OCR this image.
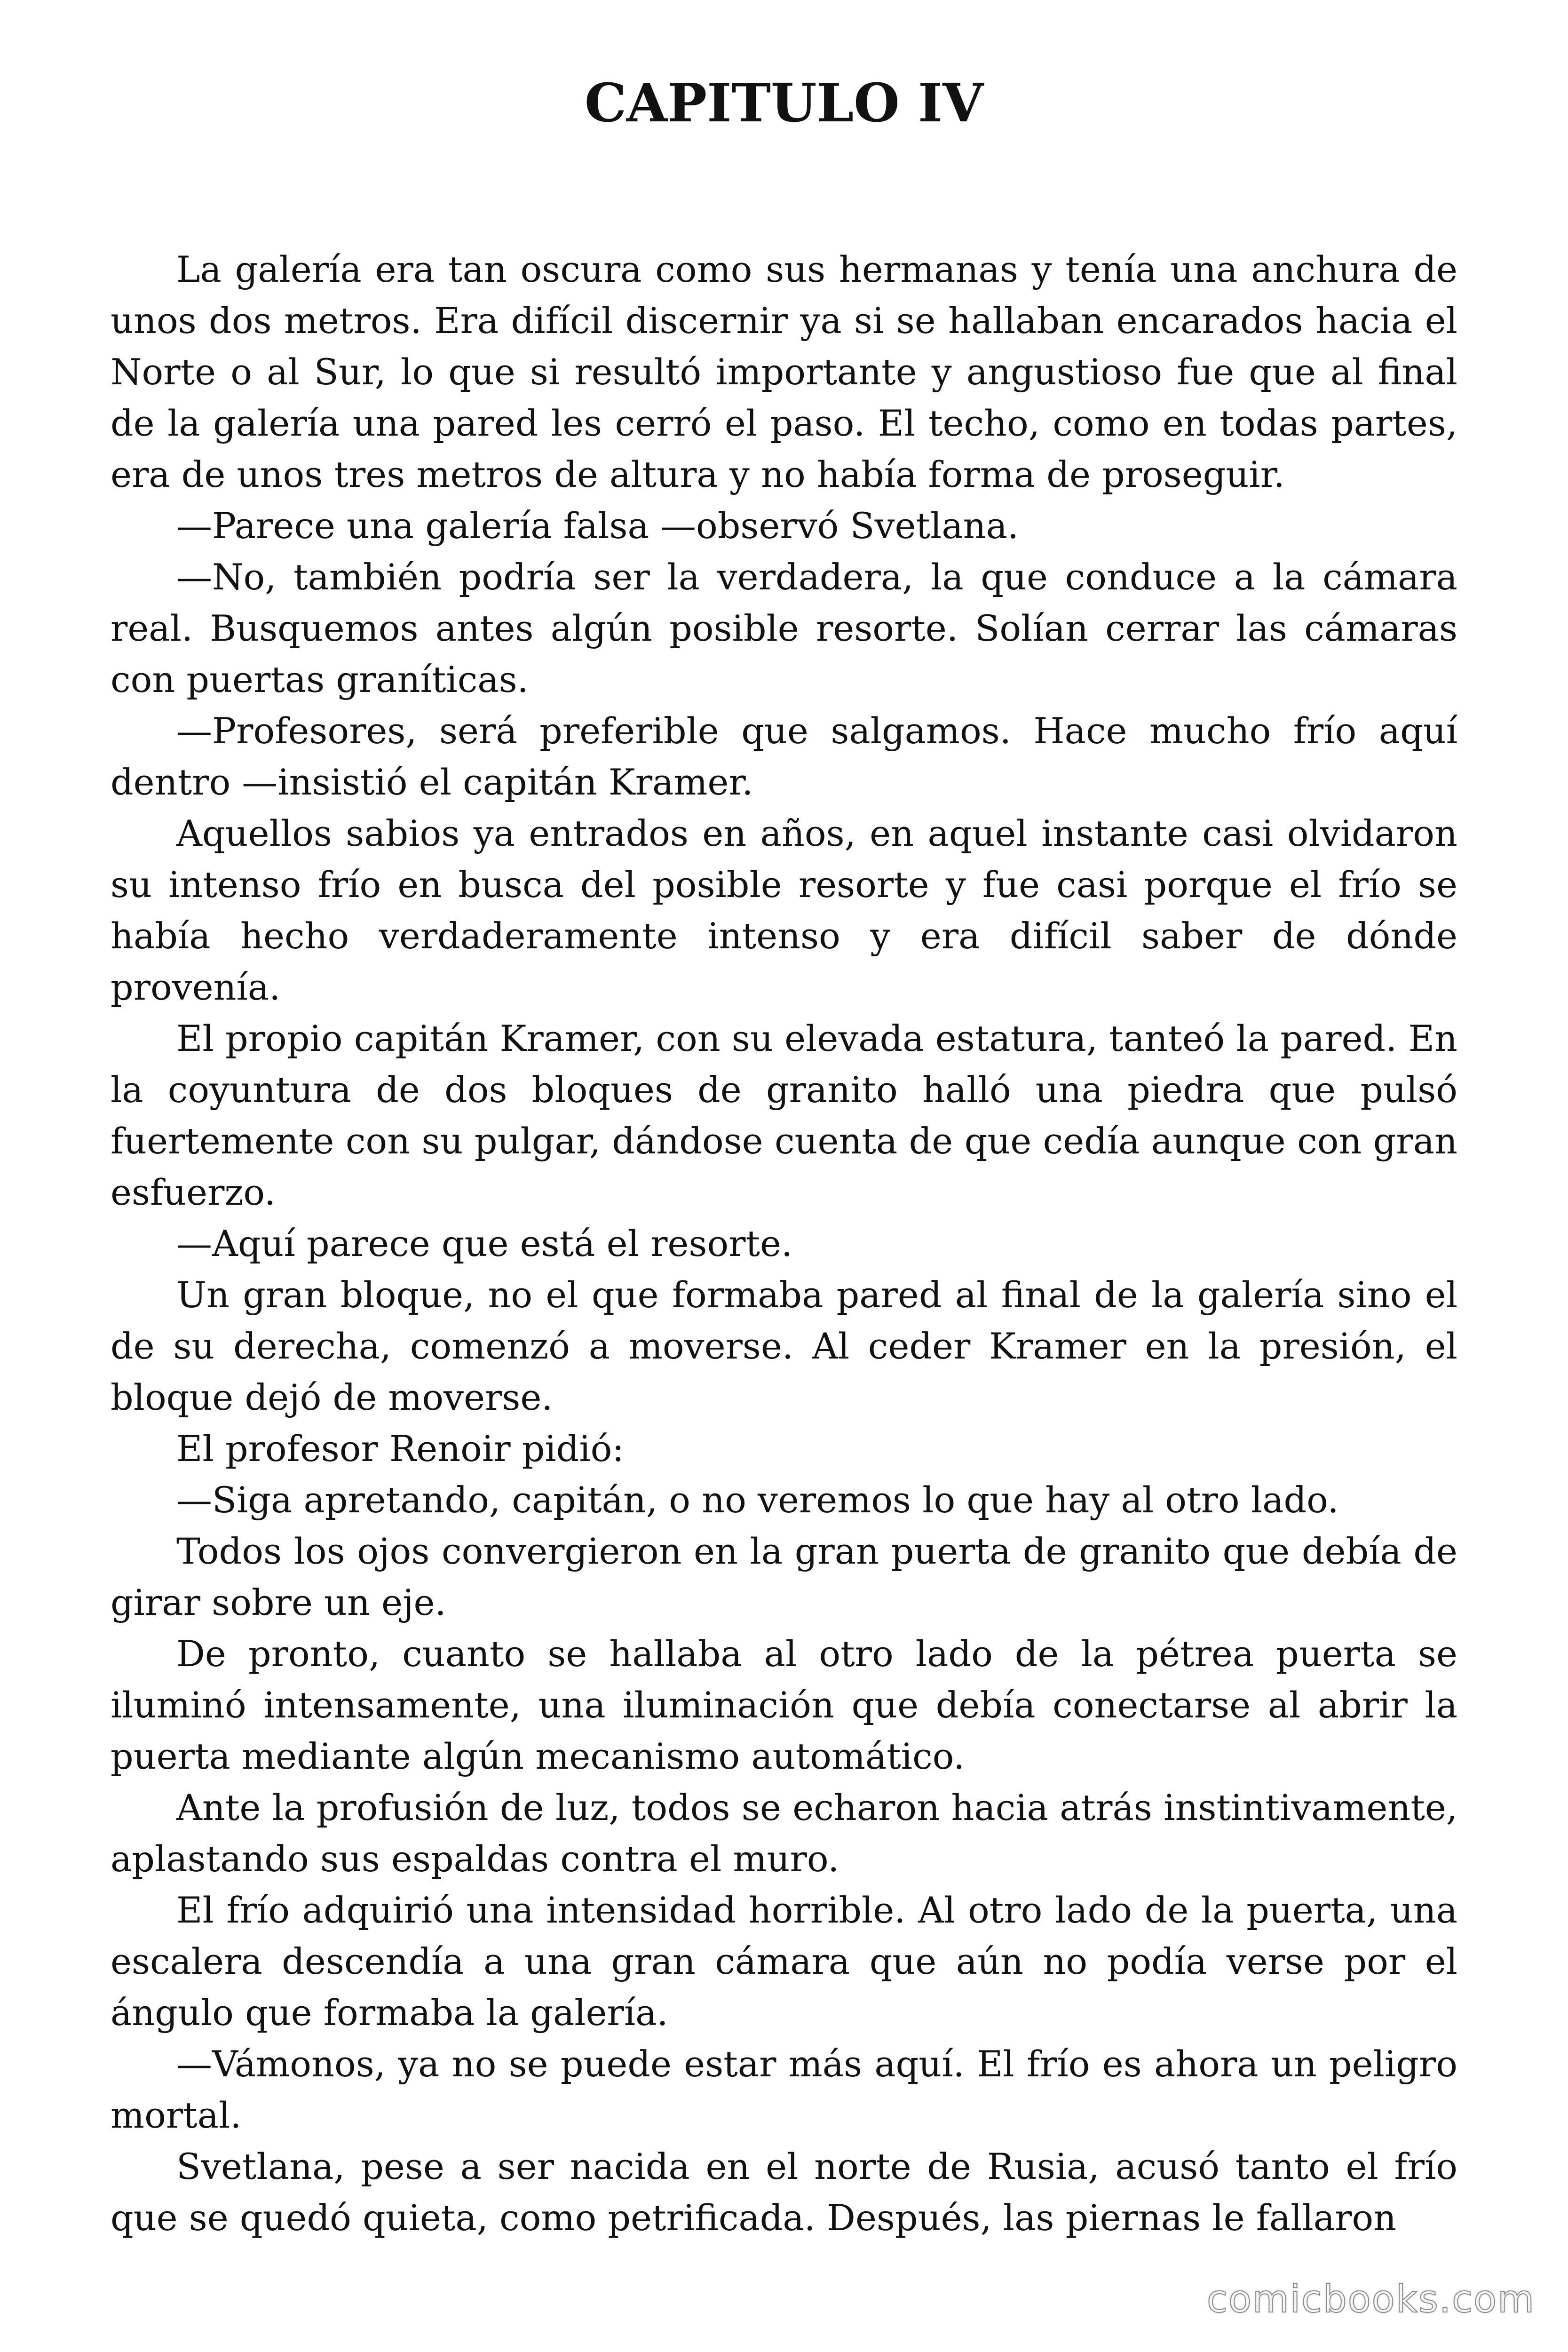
CAPITULO IV

La galería era tan oscura como sus hermanas y tenía una anchura de unos dos metros. Era difícil discernir ya si se hallaban encarados hacia el Norte o al Sur, lo que si resultó importante y angustioso fue que al final de la galería una pared les cerró el paso. El techo, como en todas partes, era de unos tres metros de altura y no había forma de proseguir.

—Parece una galería falsa —observó Svetlana.

—No, también podría ser la verdadera, la que conduce a la cámara real. Busquemos antes algún posible resorte. Solían cerrar las cámaras con puertas graníticas.

—Profesores, será preferible que salgamos. Hace mucho frío aquí dentro —insistió el capitán Kramer.

Aquellos sabios ya entrados en años, en aquel instante casi olvidaron su intenso frío en busca del posible resorte y fue casi porque el frío se había hecho verdaderamente intenso y era difícil saber de dónde provenía.

El propio capitán Kramer, con su elevada estatura, tanteó la pared. En la coyuntura de dos bloques de granito halló una piedra que pulsó fuertemente con su pulgar, dándose cuenta de que cedía aunque con gran esfuerzo.

—Aquí parece que está el resorte.

Un gran bloque, no el que formaba pared al final de la galería sino el de su derecha, comenzó a moverse. Al ceder Kramer en la presión, el bloque dejó de moverse.

El profesor Renoir pidió:

—Siga apretando, capitán, o no veremos lo que hay al otro lado.

Todos los ojos convergieron en la gran puerta de granito que debía de girar sobre un eje.

De pronto, cuanto se hallaba al otro lado de la pétrea puerta se iluminó intensamente, una iluminación que debía conectarse al abrir la puerta mediante algún mecanismo automático.

Ante la profusión de luz, todos se echaron hacia atrás instintivamente, aplastando sus espaldas contra el muro.

El frío adquirió una intensidad horrible. Al otro lado de la puerta, una escalera descendía a una gran cámara que aún no podía verse por el ángulo que formaba la galería.

—Vámonos, ya no se puede estar más aquí. El frío es ahora un peligro mortal.

Svetlana, pese a ser nacida en el norte de Rusia, acusó tanto el frío que se quedó quieta, como petrificada. Después, las piernas le fallaron

comicbooks.com
